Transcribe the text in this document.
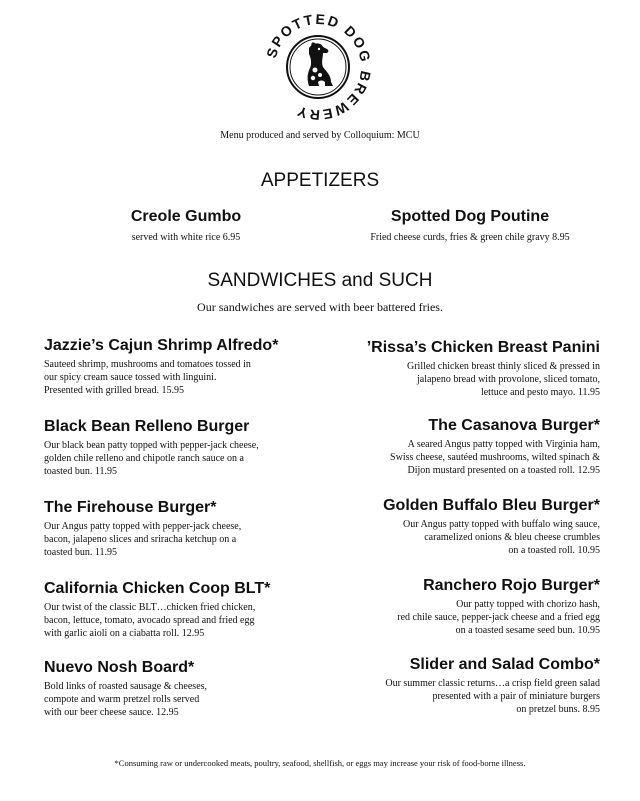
SPOTTED DOG BREWERY
Menu produced and served by Colloquium: MCU
APPETIZERS
Creole Gumbo
served with white rice 6.95
Spotted Dog Poutine
Fried cheese curds, fries & green chile gravy 8.95
SANDWICHES and SUCH
Our sandwiches are served with beer battered fries.
Jazzie’s Cajun Shrimp Alfredo*

Sauteed shrimp, mushrooms and tomatoes tossed in

our spicy cream sauce tossed with linguini.

Presented with grilled bread. 15.95

Black Bean Relleno Burger

Our black bean patty topped with pepper-jack cheese,

golden chile relleno and chipotle ranch sauce on a

toasted bun. 11.95

The Firehouse Burger*

Our Angus patty topped with pepper-jack cheese,

bacon, jalapeno slices and sriracha ketchup on a

toasted bun. 11.95

California Chicken Coop BLT*

Our twist of the classic BLT…chicken fried chicken,

bacon, lettuce, tomato, avocado spread and fried egg

with garlic aioli on a ciabatta roll. 12.95

Nuevo Nosh Board*

Bold links of roasted sausage & cheeses,

compote and warm pretzel rolls served

with our beer cheese sauce. 12.95

’Rissa’s Chicken Breast Panini

Grilled chicken breast thinly sliced & pressed in

jalapeno bread with provolone, sliced tomato,

lettuce and pesto mayo. 11.95

The Casanova Burger*

A seared Angus patty topped with Virginia ham,

Swiss cheese, sautéed mushrooms, wilted spinach &

Dijon mustard presented on a toasted roll. 12.95

Golden Buffalo Bleu Burger*

Our Angus patty topped with buffalo wing sauce,

caramelized onions & bleu cheese crumbles

on a toasted roll. 10.95

Ranchero Rojo Burger*

Our patty topped with chorizo hash,

red chile sauce, pepper-jack cheese and a fried egg

on a toasted sesame seed bun. 10.95

Slider and Salad Combo*

Our summer classic returns…a crisp field green salad

presented with a pair of miniature burgers

on pretzel buns. 8.95

*Consuming raw or undercooked meats, poultry, seafood, shellfish, or eggs may increase your risk of food-borne illness.
